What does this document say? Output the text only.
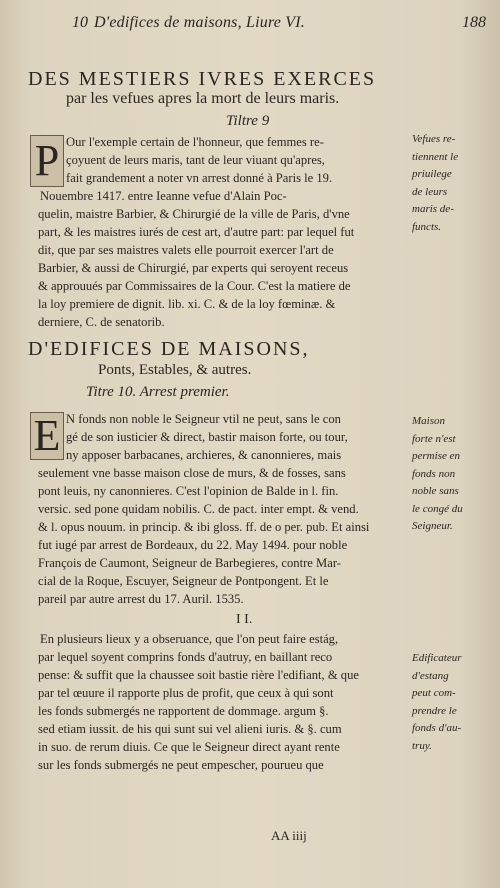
10 D'edifices de maisons, Liure VI.	188
DES MESTIERS IVRES EXERCES
par les vefues apres la mort de leurs maris.
Tiltre 9
P Our l'exemple certain de l'honneur, que femmes re-
çoyuent de leurs maris, tant de leur viuant qu'apres,
fait grandement a noter vn arrest donné à Paris le 19.
Nouembre 1417. entre Ieanne vefue d'Alain Poc-
quelin, maistre Barbier, & Chirurgié de la ville de Paris, d'vne
part, & les maistres iurés de cest art, d'autre part: par lequel fut
dit, que par ses maistres valets elle pourroit exercer l'art de
Barbier, & aussi de Chirurgié, par experts qui seroyent receus
& approuués par Commissaires de la Cour. C'est la matiere de
la loy premiere de dignit. lib. xi. C. & de la loy fœminæ. &
derniere, C. de senatorib.
Vefues re-
tiennent le
priuilege
de leurs
maris de-
functs.
D'EDIFICES DE MAISONS,
Ponts, Estables, & autres.
Titre 10. Arrest premier.
E N fonds non noble le Seigneur vtil ne peut, sans le con
gé de son iusticier & direct, bastir maison forte, ou tour,
ny apposer barbacanes, archieres, & canonnieres, mais
seulement vne basse maison close de murs, & de fosses, sans
pont leuis, ny canonnieres. C'est l'opinion de Balde in l. fin.
versic. sed pone quidam nobilis. C. de pact. inter empt. & vend.
& l. opus nouum. in princip. & ibi gloss. ff. de o per. pub. Et ainsi
fut iugé par arrest de Bordeaux, du 22. May 1494. pour noble
François de Caumont, Seigneur de Barbegieres, contre Mar-
cial de la Roque, Escuyer, Seigneur de Pontpongent. Et le
pareil par autre arrest du 17. Auril. 1535.
Maison
forte n'est
permise en
fonds non
noble sans
le congé du
Seigneur.
I I.
En plusieurs lieux y a obseruance, que l'on peut faire estág,
par lequel soyent comprins fonds d'autruy, en baillant reco
pense: & suffit que la chaussee soit bastie rière l'edifiant, & que
par tel œuure il rapporte plus de profit, que ceux à qui sont
les fonds submergés ne rapportent de dommage. argum §.
sed etiam iussit. de his qui sunt sui vel alieni iuris. & §. cum
in suo. de rerum diuis. Ce que le Seigneur direct ayant rente
sur les fonds submergés ne peut empescher, pourueu que
Edificateur
d'estang
peut com-
prendre le
fonds d'au-
truy.
AA iiij
